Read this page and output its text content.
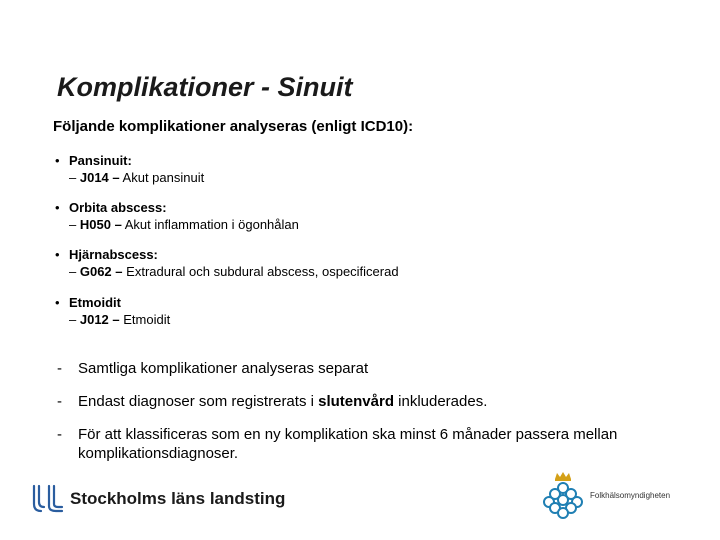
Komplikationer - Sinuit
Följande komplikationer analyseras (enligt ICD10):
• Pansinuit:
– J014 – Akut pansinuit
• Orbita abscess:
– H050 – Akut inflammation i ögonhålan
• Hjärnabscess:
– G062 – Extradural och subdural abscess, ospecificerad
• Etmoidit
– J012 – Etmoidit
- Samtliga komplikationer analyseras separat
- Endast diagnoser som registrerats i slutenvård inkluderades.
- För att klassificeras som en ny komplikation ska minst 6 månader passera mellan komplikationsdiagnoser.
Stockholms läns landsting	Folkhälsomyndigheten
